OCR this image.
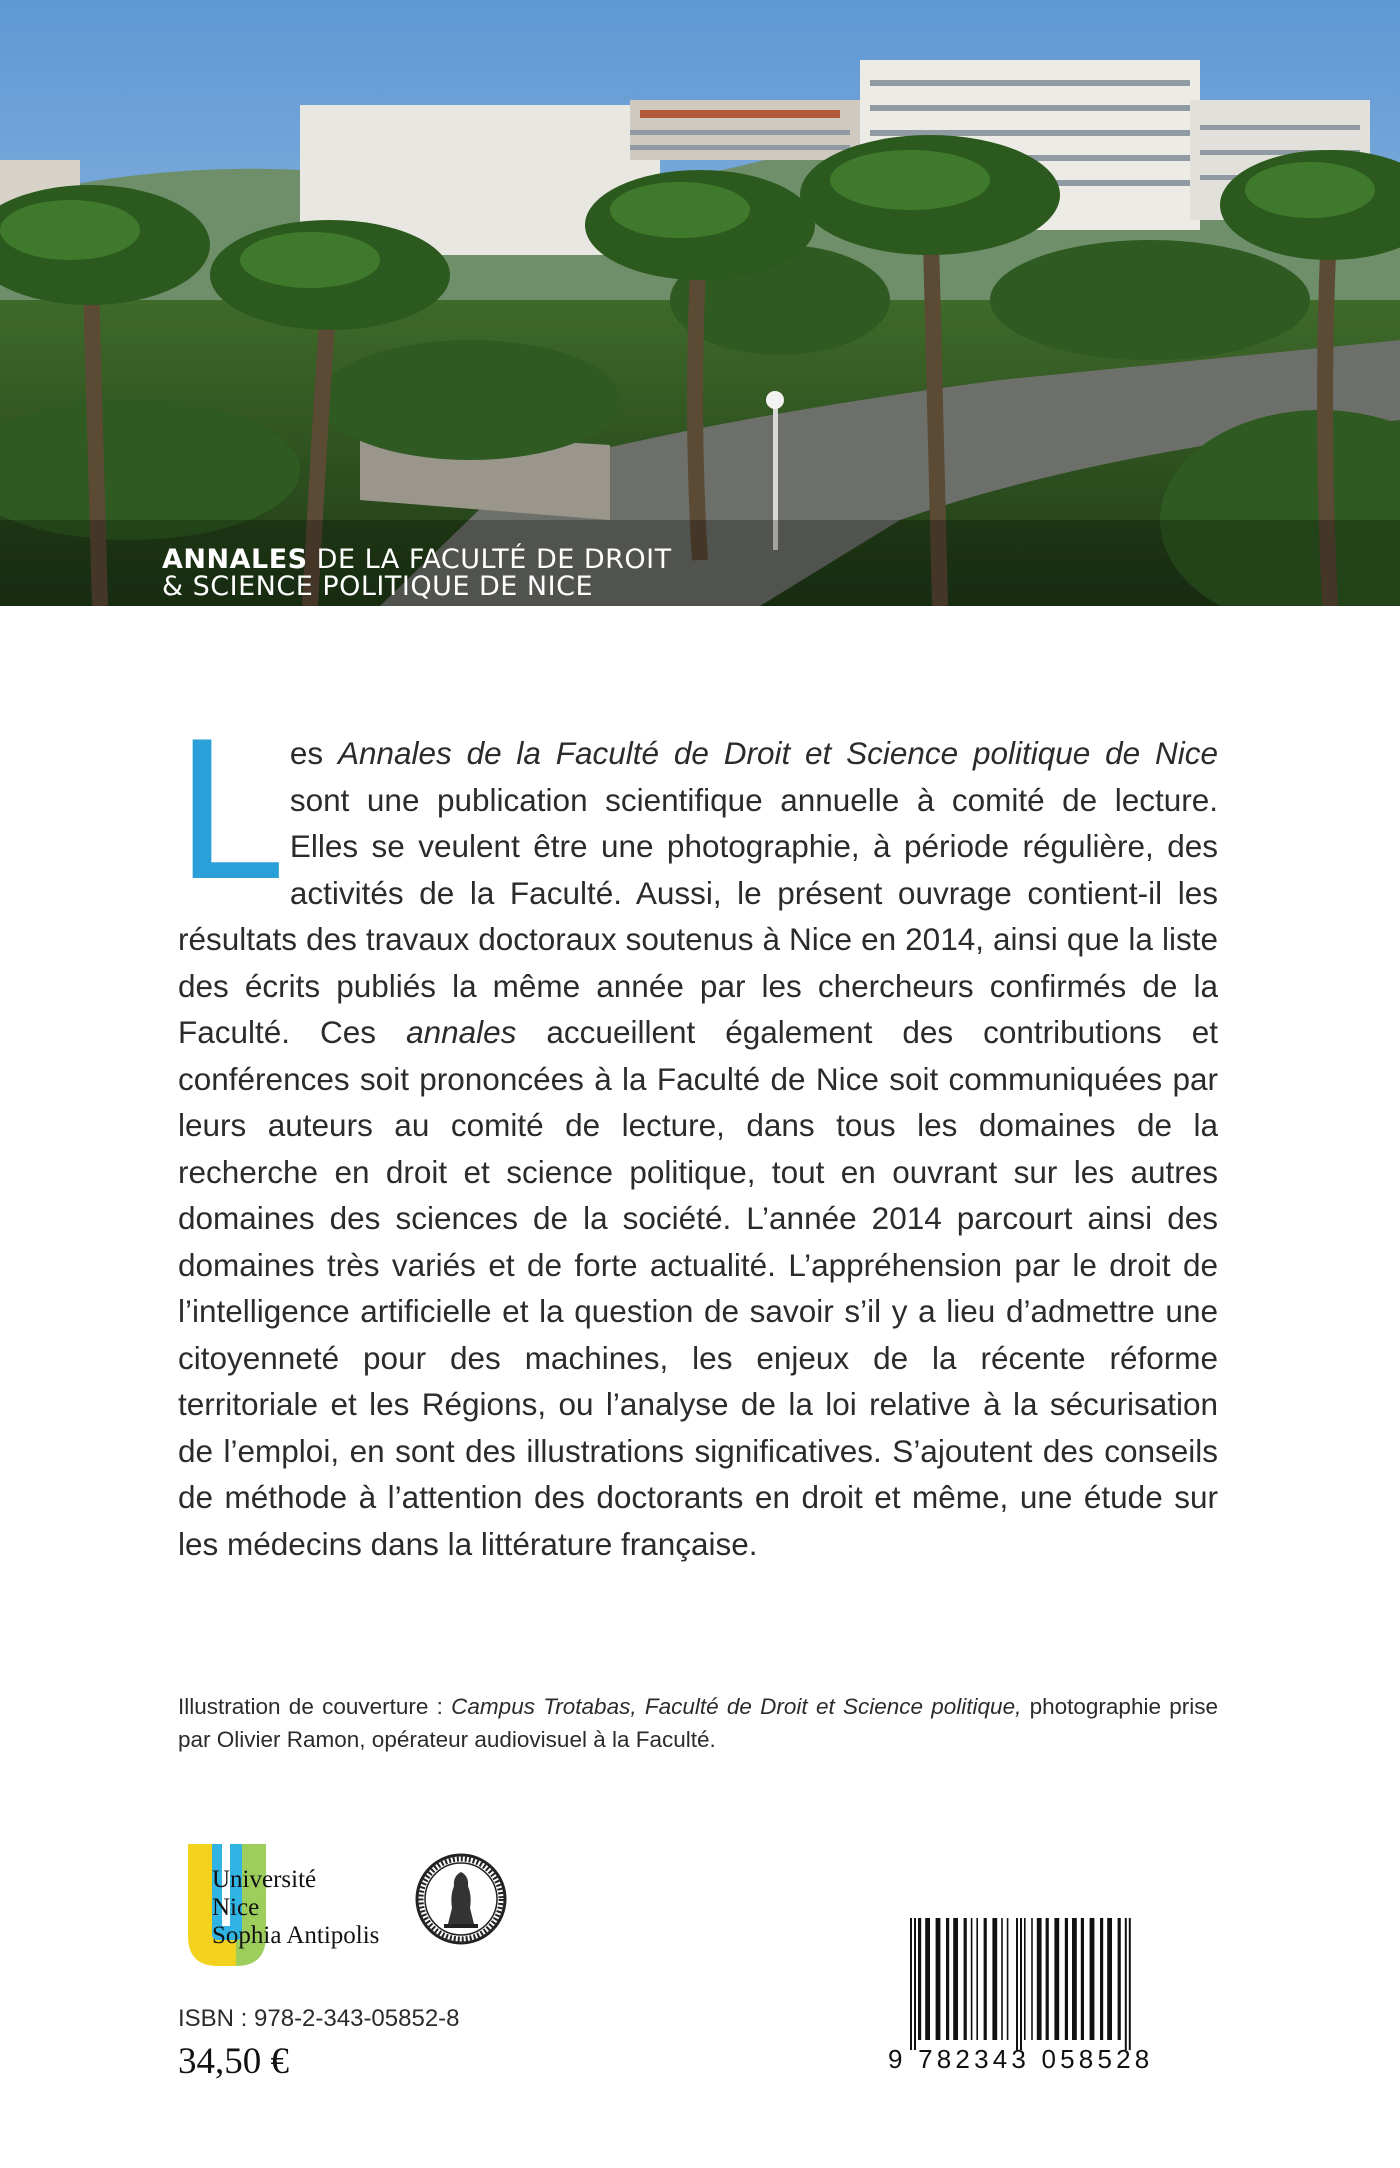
ANNALES DE LA FACULTÉ DE DROIT
& SCIENCE POLITIQUE DE NICE
Les Annales de la Faculté de Droit et Science politique de Nice sont une publication scientifique annuelle à comité de lecture. Elles se veulent être une photographie, à période régulière, des activités de la Faculté. Aussi, le présent ouvrage contient-il les résultats des travaux doctoraux soutenus à Nice en 2014, ainsi que la liste des écrits publiés la même année par les chercheurs confirmés de la Faculté. Ces annales accueillent également des contributions et conférences soit prononcées à la Faculté de Nice soit communiquées par leurs auteurs au comité de lecture, dans tous les domaines de la recherche en droit et science politique, tout en ouvrant sur les autres domaines des sciences de la société. L’année 2014 parcourt ainsi des domaines très variés et de forte actualité. L’appréhension par le droit de l’intelligence artificielle et la question de savoir s’il y a lieu d’admettre une citoyenneté pour des machines, les enjeux de la récente réforme territoriale et les Régions, ou l’analyse de la loi relative à la sécurisation de l’emploi, en sont des illustrations significatives. S’ajoutent des conseils de méthode à l’attention des doctorants en droit et même, une étude sur les médecins dans la littérature française.
Illustration de couverture : Campus Trotabas, Faculté de Droit et Science politique, photographie prise par Olivier Ramon, opérateur audiovisuel à la Faculté.
Université
Nice
Sophia Antipolis
ISBN : 978-2-343-05852-8
34,50 €	9 782343 058528
